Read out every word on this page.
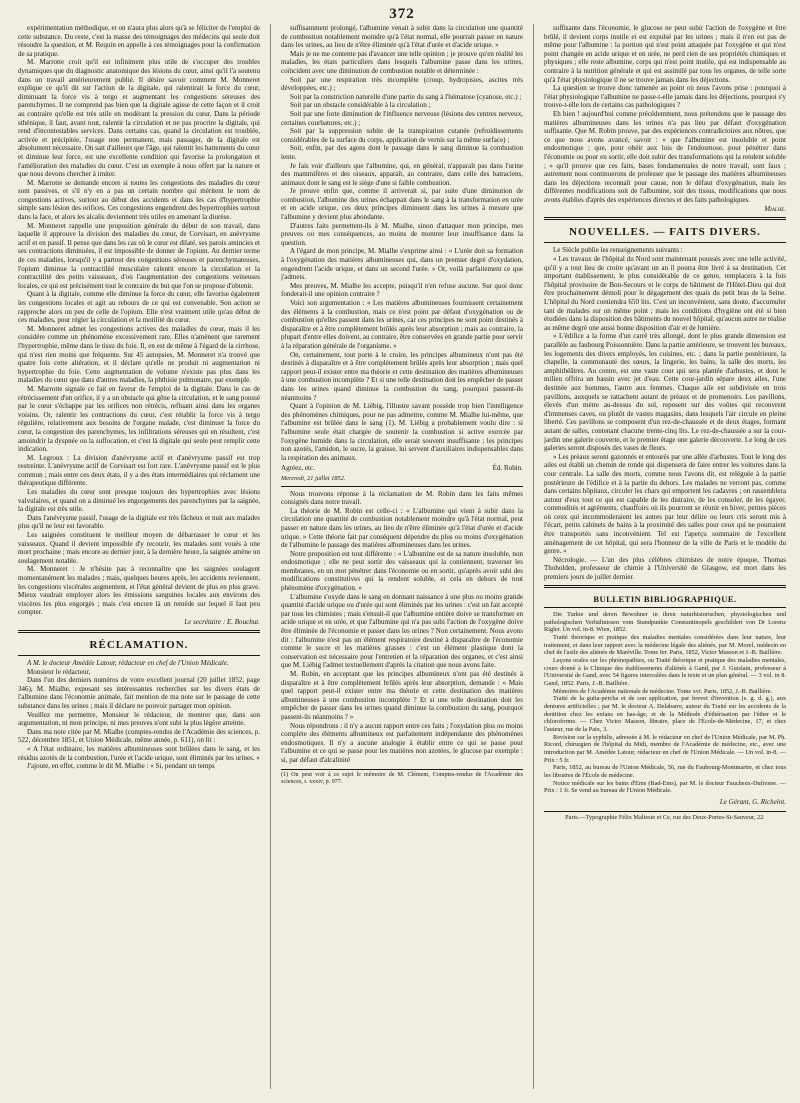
372

expérimentation méthodique, et on n'aura plus alors qu'à se féliciter de l'emploi de cette substance. Du reste, c'est la masse des témoignages des médecins qui seule doit résoudre la question, et M. Requin en appelle à ces témoignages pour la confirmation de sa pratique.

M. Marrotte croit qu'il est infiniment plus utile de s'occuper des troubles dynamiques que du diagnostic anatomique des lésions du cœur, ainsi qu'il l'a soutenu dans un travail antérieurement publié. Il désire savoir comment M. Monneret explique ce qu'il dit sur l'action de la digitale, qui ralentirait la force du cœur, diminuant la force vis à tergo et augmentant les congestions séreuses des parenchymes. Il ne comprend pas bien que la digitale agisse de cette façon et il croit au contraire qu'elle est très utile en modérant la pression du cœur. Dans la période sthénique, il faut, avant tout, ralentir la circulation et ne pas procrire la digitale, qui rend d'incontestables services. Dans certains cas, quand la circulation est troublée, activée et précipitée, l'usage non permanent, mais passager, de la digitale est absolument nécessaire. On sait d'ailleurs que l'âge, qui ralentit les battements du cœur et diminue leur force, est une excellente condition qui favorise la prolongation et l'amélioration des maladies du cœur. C'est un exemple à nous offert par la nature et que nous devons chercher à imiter.

M. Marrotte se demande encore si toutes les congestions des maladies du cœur sont passives, et s'il n'y en a pas un certain nombre qui méritent le nom de congestions actives, surtout au début des accidents et dans les cas d'hypertrophie simple sans lésion des orifices. Ces congestions engendrent des hypertrophies surtout dans la face, et alors les alcalis deviennent très utiles en amenant la diurèse.

M. Monneret rappelle une proposition générale du début de son travail, dans laquelle il approuve la division des maladies du cœur, de Corvisart, en anévrysme actif et en passif. Il pense que dans les cas où le cœur est dilaté, ses parois amincies et ses contractions diminuées, il est impossible de donner de l'opium. Au dernier terme de ces maladies, lorsqu'il y a partout des congestions séreuses et parenchymateuses, l'opium diminue la contractilité musculaire ralentit encore la circulation et la contractilité des petits vaisseaux, d'où l'augmentation des congestions veineuses locales, ce qui est précisément tout le contraire du but que l'on se propose d'obtenir.

Quant à la digitale, comme elle diminue la force du cœur, elle favorise également les congestions locales et agit au rebours de ce qui est convenable. Son action se rapproche alors un peu de celle de l'opium. Elle n'est vraiment utile qu'au début de ces maladies, pour régler la circulation et la motilité du cœur.

M. Monneret admet les congestions actives des maladies du cœur, mais il les considère comme un phénomène excessivement rare. Elles n'amènent que rarement l'hypertrophie, même dans le tissu du foie. Il, en est de même à l'égard de la cirrhose, qui n'est rien moins que fréquente. Sur 45 autopsies, M. Monneret n'a trouvé que quatre fois cette altération, et il déclare qu'elle ne produit ni augmentation ni hypertrophie du foie. Cette augmentation de volume n'existe pas plus dans les maladies du cœur que dans d'autres maladies, la phthisie pulmonaire, par exemple.

M. Marrotte signale ce fait en faveur de l'emploi de la digitale. Dans le cas de rétrécissement d'un orifice, il y a un obstacle qui gêne la circulation, et le sang poussé par le cœur s'échappe par les orifices non rétrécis, refluant ainsi dans les organes voisins. Or, ralentir les contractions du cœur, c'est rétablir la force vis à tergo régulière, relativement aux besoins de l'organe malade, c'est diminuer la force du cœur, la congestion des parenchymes, les infiltrations séreuses qui en résultent, c'est amoindrir la dyspnée ou la suffocation, et c'est là digitale qui seule peut remplir cette indication.

M. Legroux : La division d'anévrysme actif et d'anévrysme passif est trop restreinte. L'anévrysme actif de Corvisart est fort rare. L'anévrysme passif est le plus commun ; mais entre ces deux états, il y a des états intermédiaires qui réclament une thérapeutique différente.

Les maladies du cœur sont presque toujours des hypertrophies avec lésions valvulaires, et quand on a diminué les engorgements des parenchymes par la saignée, la digitale est très utile.

Dans l'anévrysme passif, l'usage de la digitale est très fâcheux et nuit aux malades plus qu'il ne leur est favorable.

Les saignées constituent le meilleur moyen de débarrasser le cœur et les vaisseaux. Quand il devient impossible d'y recourir, les malades sont voués à une mort prochaine ; mais encore au dernier jour, à la dernière heure, la saignée amène un soulagement notable.

M. Monneret : Je n'hésite pas à reconnaître que les saignées soulagent momentanément les malades ; mais, quelques heures après, les accidents reviennent, les congestions viscérales augmentent, et l'état général devient de plus en plus grave. Mieux vaudrait employer alors les émissions sanguines locales aux environs des viscères les plus engorgés ; mais c'est encore là un remède sur lequel il faut peu compter.

Le secrétaire : E. Bouchut.
RÉCLAMATION.

A M. le docteur Amédée Latour, rédacteur en chef de l'Union Médicale.

Monsieur le rédacteur,

Dans l'un des derniers numéros de votre excellent journal (20 juillet 1852, page 346), M. Mialhe, exposant ses intéressantes recherches sur les divers états de l'albumine dans l'économie animale, fait mention de ma note sur le passage de cette substance dans les urines ; mais il déclare ne pouvoir partager mon opinion.

Veuillez me permettre, Monsieur le rédacteur, de montrer que, dans son argumentation, ni mon principe, ni mes preuves n'ont subi la plus légère atteinte.

Dans ma note citée par M. Mialhe (comptes-rendus de l'Académie des sciences, p. 522, décembre 1851, et Union Médicale, même année, p. 611), on lit :

« A l'état ordinaire, les matières albumineuses sont brûlées dans le sang, et les résidus azotés de la combustion, l'urée et l'acide urique, sont éliminés par les urines. »

J'ajoute, en effet, comme le dit M. Mialhe : « Si, pendant un temps

suffisamment prolongé, l'albumine venait à subir dans la circulation une quantité de combustion notablement moindre qu'à l'état normal, elle pourrait passer en nature dans les urines, au lieu de n'être éliminée qu'à l'état d'urée et d'acide urique. »

Mais je ne me contente pas d'avancer une telle opinion ; je prouve qu'en réalité les maladies, les états particuliers dans lesquels l'albumine passe dans les urines, coïncident avec une diminution de combustion notable et déterminée :

Soit par une respiration très incomplète (croup, hydropisies, ascites très développées, etc.) ;

Soit par la constriction naturelle d'une partie du sang à l'hématose (cyanose, etc.) ;

Soit par un obstacle considérable à la circulation ;

Soit par une forte diminution de l'influence nerveuse (lésions des centres nerveux, certaines courbatures, etc.) ;

Soit par la suppression subite de la transpiration cutanée (refroidissements considérables de la surface du corps, application de vernis sur la même surface) ;

Soit, enfin, par des agens dont le passage dans le sang diminue la combustion lente.

Je fais voir d'ailleurs que l'albumine, qui, en général, n'apparaît pas dans l'urine des mammifères et des oiseaux, apparaît, au contraire, dans celle des batraciens, animaux dont le sang est le siège d'une si faible combustion.

Je prouve enfin que, comme il arriverait si, par suite d'une diminution de combustion, l'albumine des urines échappait dans le sang à la transformation en urée et en acide urique, ces deux principes diminuent dans les urines à mesure que l'albumine y devient plus abondante.

D'autres faits permettent-ils à M. Mialhe, sinon d'attaquer mon principe, mes preuves ou mes conséquences, au moins de montrer leur insuffisance dans la question.

A l'égard de mon principe, M. Mialhe s'exprime ainsi : « L'urée doit sa formation à l'oxygénation des matières albumineuses qui, dans un premier degré d'oxydation, engendrent l'acide urique, et dans un second l'urée. » Or, voilà parfaitement ce que j'admets.

Mes preuves, M. Mialhe les accepte, puisqu'il n'en refuse aucune. Sur quoi donc fonderait-il une opinion contraire ?

Voici son argumentation : « Les matières albumineuses fournissent certainement des éléments à la combustion, mais ce n'est point par défaut d'oxygénation ou de combustion qu'elles passent dans les urines, car ces principes ne sont point destinés à disparaître et à être complètement brûlés après leur absorption ; mais au contraire, la plupart d'entre elles doivent, au contraire, être conservées en grande partie pour servir à la réparation générale de l'organisme. »

On, certainement, tout porte à le croire, les principes albumineux n'ont pas été destinés à disparaître et à être complètement brûlés après leur absorption ; mais quel rapport peut-il exister entre ma théorie et cette destination des matières albumineuses à une combustion incomplète ? Et si une telle destination doit les empêcher de passer dans les urines quand diminue la combustion du sang, pourquoi passent-ils néanmoins ?

Quant à l'opinion de M. Liébig, l'illustre savant possède trop bien l'intelligence des phénomènes chimiques, pour ne pas admettre, comme M. Mialhe lui-même, que l'albumine est brûlée dans le sang (1). M. Liébig a probablement voulu dire : si l'albumine seule était chargée de soutenir la combustion si active exercée par l'oxygène humide dans la circulation, elle serait souvent insuffisante ; les principes non azotés, l'amidon, le sucre, la graisse, lui servent d'auxiliaires indispensables dans la respiration des animaux.

Agréez, etc.	Éd. Robin.
Mercredi, 21 juillet 1852.

Nous trouvons réponse à la réclamation de M. Robin dans les faits mêmes consignés dans notre travail.

La théorie de M. Robin est celle-ci : « L'albumine qui vient à subir dans la circulation une quantité de combustion notablement moindre qu'à l'état normal, peut passer en nature dans les urines, au lieu de n'être éliminée qu'à l'état d'urée et d'acide urique. » Cette théorie fait par conséquent dépendre du plus ou moins d'oxygénation de l'albumine le passage des matières albumineuses dans les urines.

Notre proposition est tout différente : « L'albumine est de sa nature insoluble, non endosmotique ; elle ne peut sortir des vaisseaux qui la contiennent, traverser les membranes, en un mot pénétrer dans l'économie ou en sortir, qu'après avoir subi des modifications constitutives qui la rendent soluble, et cela en dehors de tout phénomène d'oxygénation. »

L'albumine s'oxyde dans le sang en donnant naissance à une plus ou moins grande quantité d'acide urique ou d'urée qui sont éliminés par les urines : c'est un fait accepté par tous les chimistes ; mais s'ensuit-il que l'albumine entière doive se transformer en acide urique et en urée, et que l'albumine qui n'a pas subi l'action de l'oxygène doive être éliminée de l'économie et passer dans les urines ? Non certainement. Nous avons dit : l'albumine n'est pas un élément respiratoire destiné à disparaître de l'économie comme le sucre et les matières grasses : c'est un élément plastique dont la conservation est nécessaire pour l'entretien et la réparation des organes, et c'est ainsi que M. Liébig l'admet textuellement d'après la citation que nous avons faite.

M. Robin, en acceptant que les principes albumineux n'ont pas été destinés à disparaître et à être complètement brûlés après leur absorption, demande : « Mais quel rapport peut-il exister entre ma théorie et cette destination des matières albumineuses à une combustion incomplète ? Et si une telle destination doit les empêcher de passer dans les urines quand diminue la combustion du sang, pourquoi passent-ils néanmoins ? »

Nous répondrons : il n'y a aucun rapport entre ces faits ; l'oxydation plus ou moins complète des éléments albumineux est parfaitement indépendante des phénomènes endosmotiques. Il n'y a aucune analogie à établir entre ce qui se passe pour l'albumine et ce qui se passe pour les matières non azotées, le glucose par exemple : si, par défaut d'alcalinité

(1) On peut voir à ce sujet le mémoire de M. Clément, Comptes-rendus de l'Académie des sciences, t. xxxiv, p. 977.

suffisante dans l'économie, le glucose ne peut subir l'action de l'oxygène et être brûlé, il devient corps inutile et est expulsé par les urines ; mais il n'en est pas de même pour l'albumine : la portion qui n'est point attaquée par l'oxygène et qui n'est point changée en acide urique et en urée, ne perd rien de ses propriétés chimiques et physiques ; elle reste albumine, corps qui n'est point inutile, qui est indispensable au contraire à la nutrition générale et qui est assimilé par tous les organes, de telle sorte qu'à l'état physiologique il ne se trouve jamais dans les déjections.

La question se trouve donc ramenée au point où nous l'avons prise : pourquoi à l'état physiologique l'albumine ne passe-t-elle jamais dans les déjections, pourquoi s'y trouve-t-elle lors de certains cas pathologiques ?

Eh bien ! aujourd'hui comme précédemment, nous prétendons que le passage des matières albumineuses dans les urines n'a pas lieu par défaut d'oxygénation suffisante. Que M. Robin prouve, par des expériences contradictoires aux nôtres, que ce que nous avons avancé, savoir : « que l'albumine est insoluble et point endosmotique ; que, pour obéir aux lois de l'endosmose, pour pénétrer dans l'économie ou pour en sortir, elle doit subir des transformations qui la rendent soluble ; » qu'il prouve que ces faits, bases fondamentales de notre travail, sont faux ; autrement nous continuerons de professer que le passage des matières albumineuses dans les déjections reconnaît pour cause, non le défaut d'oxygénation, mais les différentes modifications soit de l'albumine, soit des tissus, modifications que nous avons établies d'après des expériences directes et des faits pathologiques.

Mialhe.
NOUVELLES. — FAITS DIVERS.

Le Siècle publie les renseignements suivants :

« Les travaux de l'hôpital du Nord sont maintenant poussés avec une telle activité, qu'il y a tout lieu de croire qu'avant un an il pourra être livré à sa destination. Cet important établissement, le plus considérable de ce genre, remplacera à la fois l'hôpital provisoire de Bon-Secours et le corps de bâtiment de l'Hôtel-Dieu qui doit être prochainement démoli pour le dégagement des quais du petit bras de la Seine. L'hôpital du Nord contiendra 650 lits. C'est un inconvénient, sans doute, d'accumuler tant de malades sur un même point ; mais les conditions d'hygiène ont été si bien étudiées dans la disposition des bâtiments du nouvel hôpital, qu'aucun autre ne réalise au même degré une aussi bonne disposition d'air et de lumière.

» L'édifice a la forme d'un carré très allongé, dont le plus grande dimension est parallèle au faubourg Poissonnière. Dans la partie antérieure, se trouvent les bureaux, les logements des divers employés, les cuisines, etc. ; dans la partie postérieure, la chapelle, la communauté des sœurs, la lingerie, les bains, la salle des morts, les amphithéâtres. Au centre, est une vaste cour qui sera plantée d'arbustes, et dont le milieu offrira un bassin avec jet d'eau. Cette cour-jardin sépare deux ailes, l'une destinée aux hommes, l'autre aux femmes. Chaque aile est subdivisée en trois pavillons, auxquels se rattachent autant de préaux et de promenoirs. Les pavillons, élevés d'un mètre au-dessus du sol, reposent sur des voûtes qui recouvrent d'immenses caves, ou plutôt de vastes magasins, dans lesquels l'air circule en pleine liberté. Ces pavillons se composent d'un rez-de-chaussée et de deux étages, formant autant de salles, contenant chacune trente-cinq lits. Le rez-de-chaussée a sur la cour-jardin une galerie couverte, et le premier étage une galerie découverte. Le long de ces galeries seront disposés des vases de fleurs.

» Les préaux seront gazonnés et entourés par une allée d'arbustes. Tout le long des ailes est établi un chemin de ronde qui dispensera de faire entrer les voitures dans la cour centrale. La salle des morts, comme nous l'avons dit, est reléguée à la partie postérieure de l'édifice et à la partie du dehors. Les malades ne verront pas, comme dans certains hôpitaux, circuler les chars qui emportent les cadavres ; on rassemblera autour d'eux tout ce qui est capable de les distraire, de les consoler, de les égayer, commodités et agréments, chauffoirs où ils pourront se réunir en hiver, petites pièces où ceux qui incommoderaient les autres par leur délire ou leurs cris seront mis à l'écart, petits cabinets de bains à la proximité des salles pour ceux qui ne pourraient être transportés sans inconvénient. Tel est l'aperçu sommaire de l'excellent aménagement de cet hôpital, qui sera l'honneur de la ville de Paris et le modèle du genre. »

Nécrologie. — L'un des plus célèbres chimistes de notre époque, Thomas Thoholden, professeur de chimie à l'Université de Glasgow, est mort dans les premiers jours de juillet dernier.

BULLETIN BIBLIOGRAPHIQUE.

Die Turkie und deren Bewohner in ihren naturhistorischen, physiologischen und pathologischen Verhältnissen vom Standpunkte Constantinopels geschildert von Dr Lorenz Rigler. Un vol. in-8. Wien, 1852.

Traité théorique et pratique des maladies mentales considérées dans leur nature, leur traitement, et dans leur rapport avec la médecine légale des aliénés, par M. Morel, médecin en chef de l'asile des aliénés de Maréville. Tome Ier. Paris, 1852, Victor Masson et J.-B. Baillière.

Leçons orales sur les phrénopathies, ou Traité théorique et pratique des maladies mentales, cours donné à la Clinique des établissements d'aliénés à Gand, par J. Guislain, professeur à l'Université de Gand, avec 54 figures intercalées dans le texte et un plan général. — 3 vol. in 8. Gand, 1852. Paris, J.-B. Baillière.

Mémoires de l'Académie nationale de médecine. Tome xvi. Paris, 1852, J.-B. Baillière.

Traité de la gutta-percha et de son application, par brevet d'invention (s. g. d. g.), aux dentures artificielles ; par M. le docteur A. Delabarre, auteur du Traité sur les accidents de la dentition chez les enfans en bas-âge, et de la Méthode d'éthérisation par l'éther et le chloroforme. — Chez Victor Masson, libraire, place de l'École-de-Médecine, 17, et chez l'auteur, rue de la Paix, 3.

Revision sur la syphilis, adressée à M. le rédacteur en chef de l'Union Médicale, par M. Ph. Ricord, chirurgien de l'hôpital du Midi, membre de l'Académie de médecine, etc., avec une introduction par M. Amédée Latour, rédacteur en chef de l'Union Médicale. — Un vol. in-8. — Prix : 5 fr.

Paris, 1852, au bureau de l'Union Médicale, 56, rue du Faubourg-Montmartre, et chez tous les libraires de l'École de médecine.

Notice médicale sur les bains d'Ems (Bad-Ems), par M. le docteur Faucheux-Dufresne. — Prix : 1 fr. Se vend au bureau de l'Union Médicale.

Le Gérant, G. Richelot.
Paris.—Typographie Félix Malteste et Ce, rue des Deux-Portes-St-Sauveur, 22.
